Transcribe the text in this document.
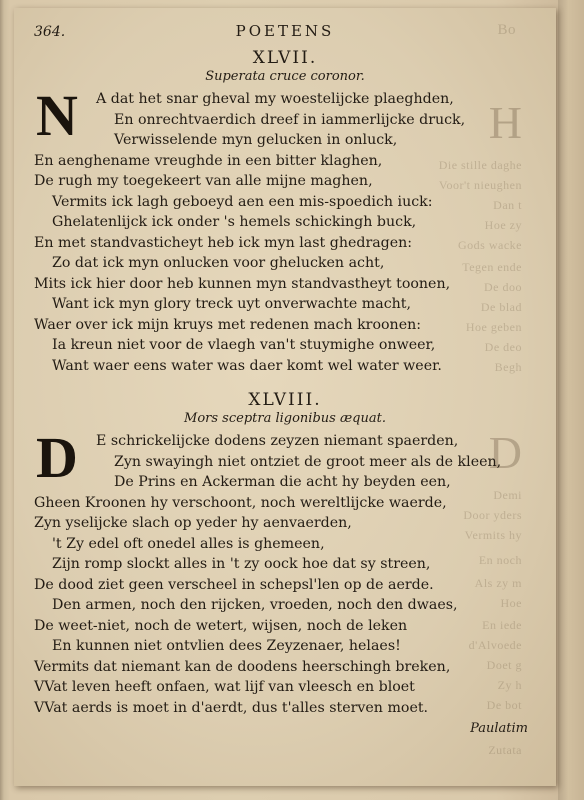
Bo
H
D
Die stille daghe
Voor't nieughen
Dan t
Hoe zy
Gods wacke
Tegen ende
De doo
De blad
Hoe geben
De deo
Begh
Demi
Door yders
Vermits hy
En noch
Als zy m
Hoe
En iede
d'Alvoede
Doet g
Zy h
De bot
Zutata
364.	POETENS

XLVII.

Superata cruce coronor.

N	A dat het snar gheval my woestelijcke plaeghden,
En onrechtvaerdich dreef in iammerlijcke druck,
Verwisselende myn gelucken in onluck,
En aenghename vreughde in een bitter klaghen,
De rugh my toegekeert van alle mijne maghen,
Vermits ick lagh geboeyd aen een mis-spoedich iuck:
Ghelatenlijck ick onder 's hemels schickingh buck,
En met standvasticheyt heb ick myn last ghedragen:
Zo dat ick myn onlucken voor ghelucken acht,
Mits ick hier door heb kunnen myn standvastheyt toonen,
Want ick myn glory treck uyt onverwachte macht,
Waer over ick mijn kruys met redenen mach kroonen:
Ia kreun niet voor de vlaegh van't stuymighe onweer,
Want waer eens water was daer komt wel water weer.

XLVIII.

Mors sceptra ligonibus æquat.

D	E schrickelijcke dodens zeyzen niemant spaerden,
Zyn swayingh niet ontziet de groot meer als de kleen,
De Prins en Ackerman die acht hy beyden een,
Gheen Kroonen hy verschoont, noch wereltlijcke waerde,
Zyn yselijcke slach op yeder hy aenvaerden,
't Zy edel oft onedel alles is ghemeen,
Zijn romp slockt alles in 't zy oock hoe dat sy streen,
De dood ziet geen verscheel in schepsl'len op de aerde.
Den armen, noch den rijcken, vroeden, noch den dwaes,
De weet-niet, noch de wetert, wijsen, noch de leken
En kunnen niet ontvlien dees Zeyzenaer, helaes!
Vermits dat niemant kan de doodens heerschingh breken,
VVat leven heeft onfaen, wat lijf van vleesch en bloet
VVat aerds is moet in d'aerdt, dus t'alles sterven moet.
Paulatim
